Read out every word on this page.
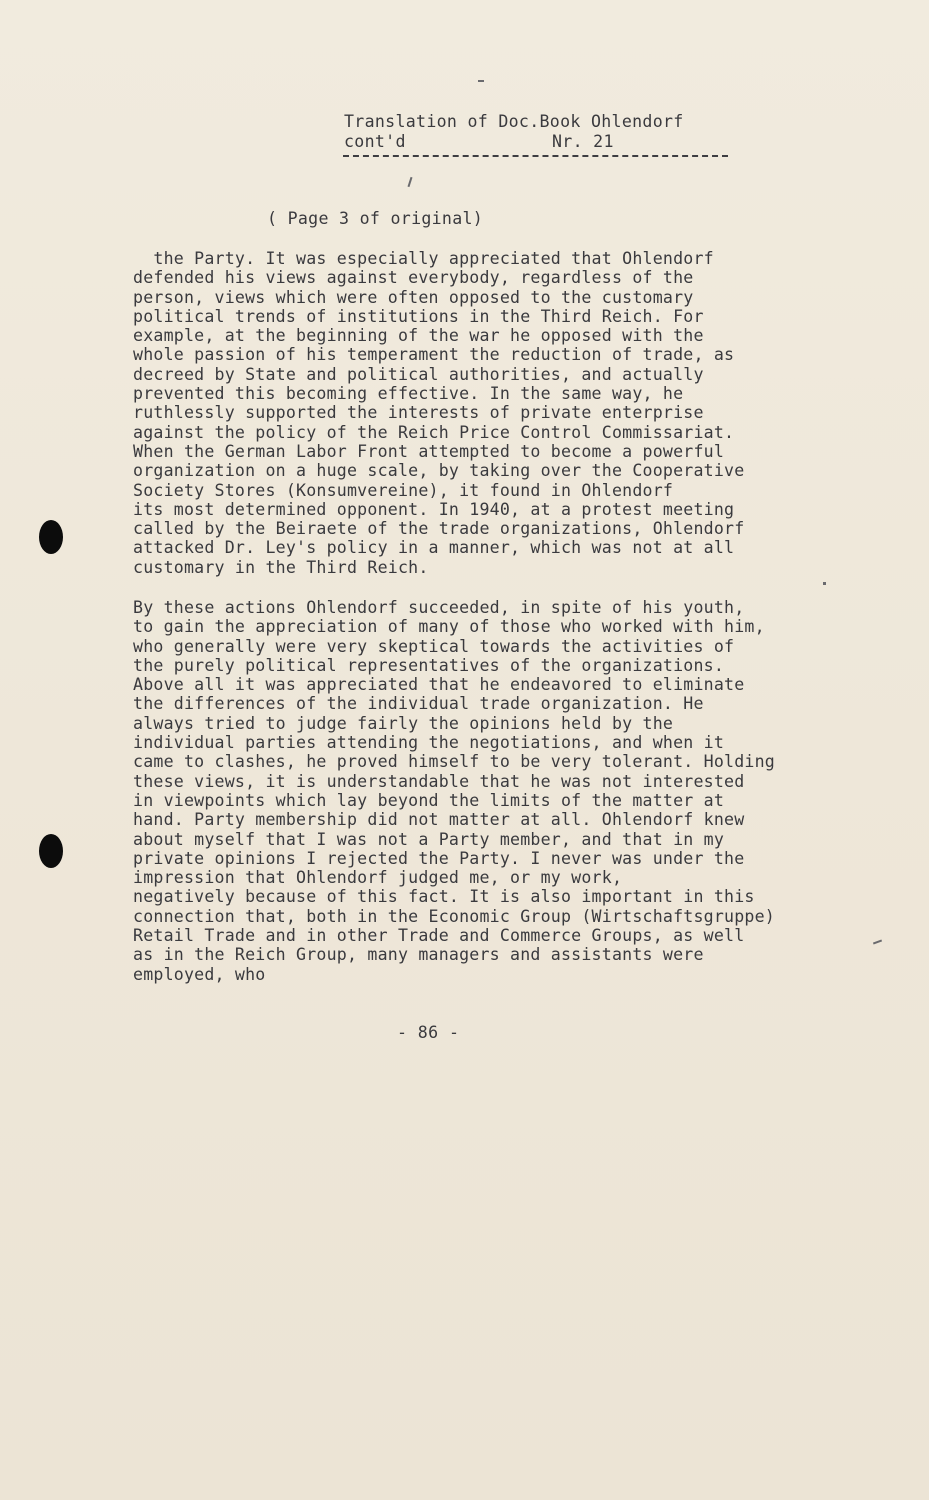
Translation of Doc.Book Ohlendorf
cont'd	Nr. 21
( Page 3 of original)
the Party. It was especially appreciated that Ohlendorf
defended his views against everybody, regardless of the
person, views which were often opposed to the customary
political trends of institutions in the Third Reich. For
example, at the beginning of the war he opposed with the
whole passion of his temperament the reduction of trade, as
decreed by State and political authorities, and actually
prevented this becoming effective. In the same way, he
ruthlessly supported the interests of private enterprise
against the policy of the Reich Price Control Commissariat.
When the German Labor Front attempted to become a powerful
organization on a huge scale, by taking over the Cooperative
Society Stores (Konsumvereine), it found in Ohlendorf
its most determined opponent. In 1940, at a protest meeting
called by the Beiraete of the trade organizations, Ohlendorf
attacked Dr. Ley's policy in a manner, which was not at all
customary in the Third Reich.
By these actions Ohlendorf succeeded, in spite of his youth,
to gain the appreciation of many of those who worked with him,
who generally were very skeptical towards the activities of
the purely political representatives of the organizations.
Above all it was appreciated that he endeavored to eliminate
the differences of the individual trade organization. He
always tried to judge fairly the opinions held by the
individual parties attending the negotiations, and when it
came to clashes, he proved himself to be very tolerant. Holding
these views, it is understandable that he was not interested
in viewpoints which lay beyond the limits of the matter at
hand. Party membership did not matter at all. Ohlendorf knew
about myself that I was not a Party member, and that in my
private opinions I rejected the Party. I never was under the
impression that Ohlendorf judged me, or my work,
negatively because of this fact. It is also important in this
connection that, both in the Economic Group (Wirtschaftsgruppe)
Retail Trade and in other Trade and Commerce Groups, as well
as in the Reich Group, many managers and assistants were
employed, who
- 86 -
